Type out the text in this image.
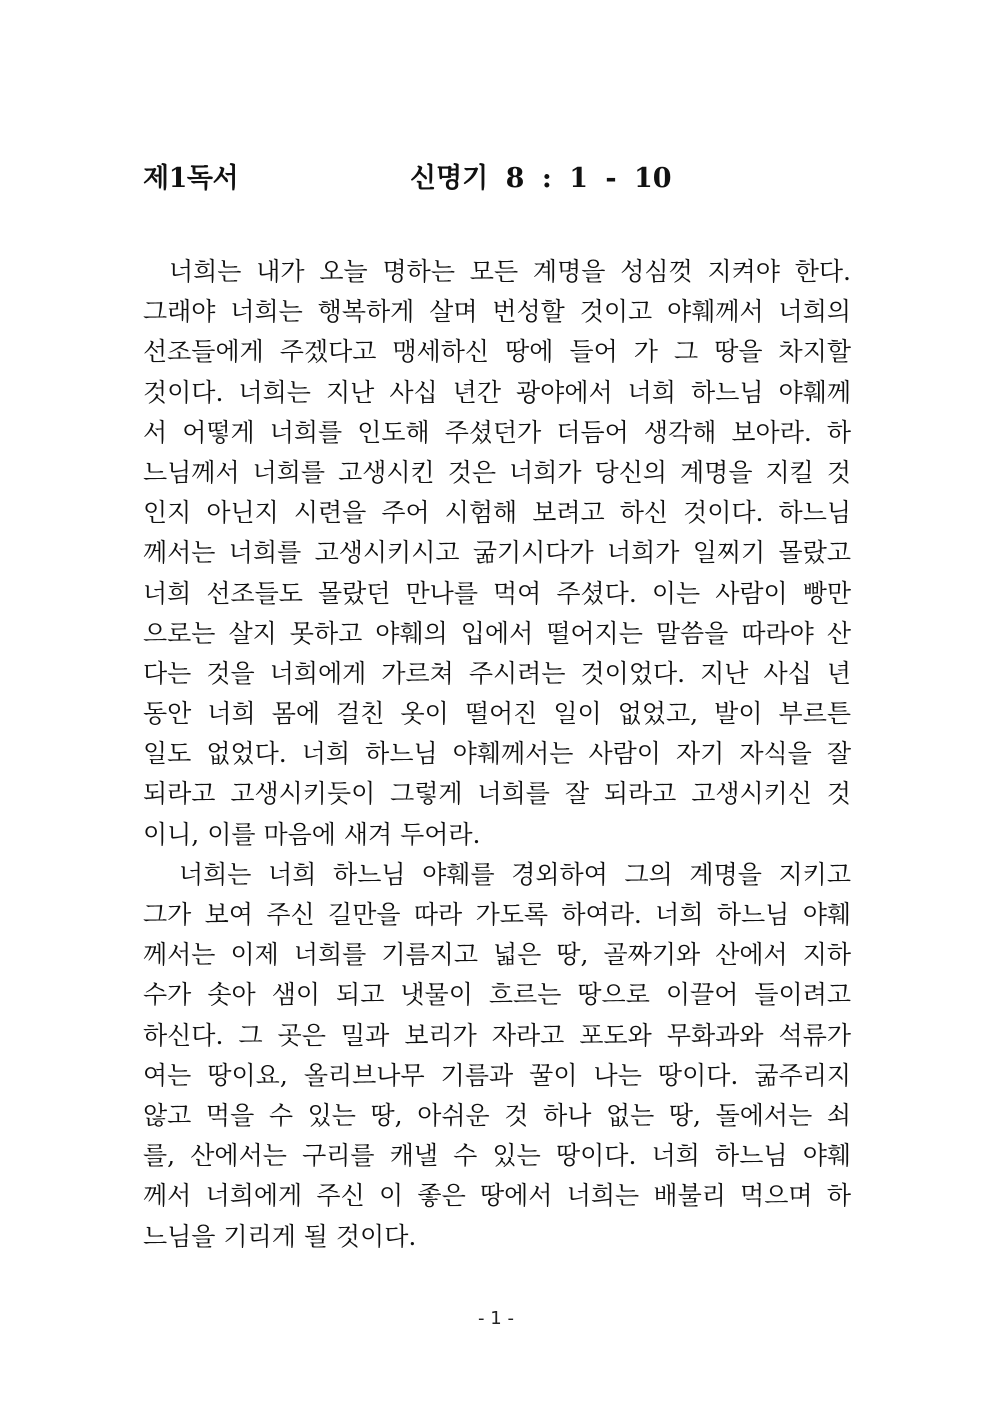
제1독서	신명기 8 : 1 - 10
너희는 내가 오늘 명하는 모든 계명을 성심껏 지켜야 한다.
그래야 너희는 행복하게 살며 번성할 것이고 야훼께서 너희의
선조들에게 주겠다고 맹세하신 땅에 들어 가 그 땅을 차지할
것이다. 너희는 지난 사십 년간 광야에서 너희 하느님 야훼께
서 어떻게 너희를 인도해 주셨던가 더듬어 생각해 보아라. 하
느님께서 너희를 고생시킨 것은 너희가 당신의 계명을 지킬 것
인지 아닌지 시련을 주어 시험해 보려고 하신 것이다. 하느님
께서는 너희를 고생시키시고 굶기시다가 너희가 일찌기 몰랐고
너희 선조들도 몰랐던 만나를 먹여 주셨다. 이는 사람이 빵만
으로는 살지 못하고 야훼의 입에서 떨어지는 말씀을 따라야 산
다는 것을 너희에게 가르쳐 주시려는 것이었다. 지난 사십 년
동안 너희 몸에 걸친 옷이 떨어진 일이 없었고, 발이 부르튼
일도 없었다. 너희 하느님 야훼께서는 사람이 자기 자식을 잘
되라고 고생시키듯이 그렇게 너희를 잘 되라고 고생시키신 것
이니, 이를 마음에 새겨 두어라.
너희는 너희 하느님 야훼를 경외하여 그의 계명을 지키고
그가 보여 주신 길만을 따라 가도록 하여라. 너희 하느님 야훼
께서는 이제 너희를 기름지고 넓은 땅, 골짜기와 산에서 지하
수가 솟아 샘이 되고 냇물이 흐르는 땅으로 이끌어 들이려고
하신다. 그 곳은 밀과 보리가 자라고 포도와 무화과와 석류가
여는 땅이요, 올리브나무 기름과 꿀이 나는 땅이다. 굶주리지
않고 먹을 수 있는 땅, 아쉬운 것 하나 없는 땅, 돌에서는 쇠
를, 산에서는 구리를 캐낼 수 있는 땅이다. 너희 하느님 야훼
께서 너희에게 주신 이 좋은 땅에서 너희는 배불리 먹으며 하
느님을 기리게 될 것이다.
- 1 -
